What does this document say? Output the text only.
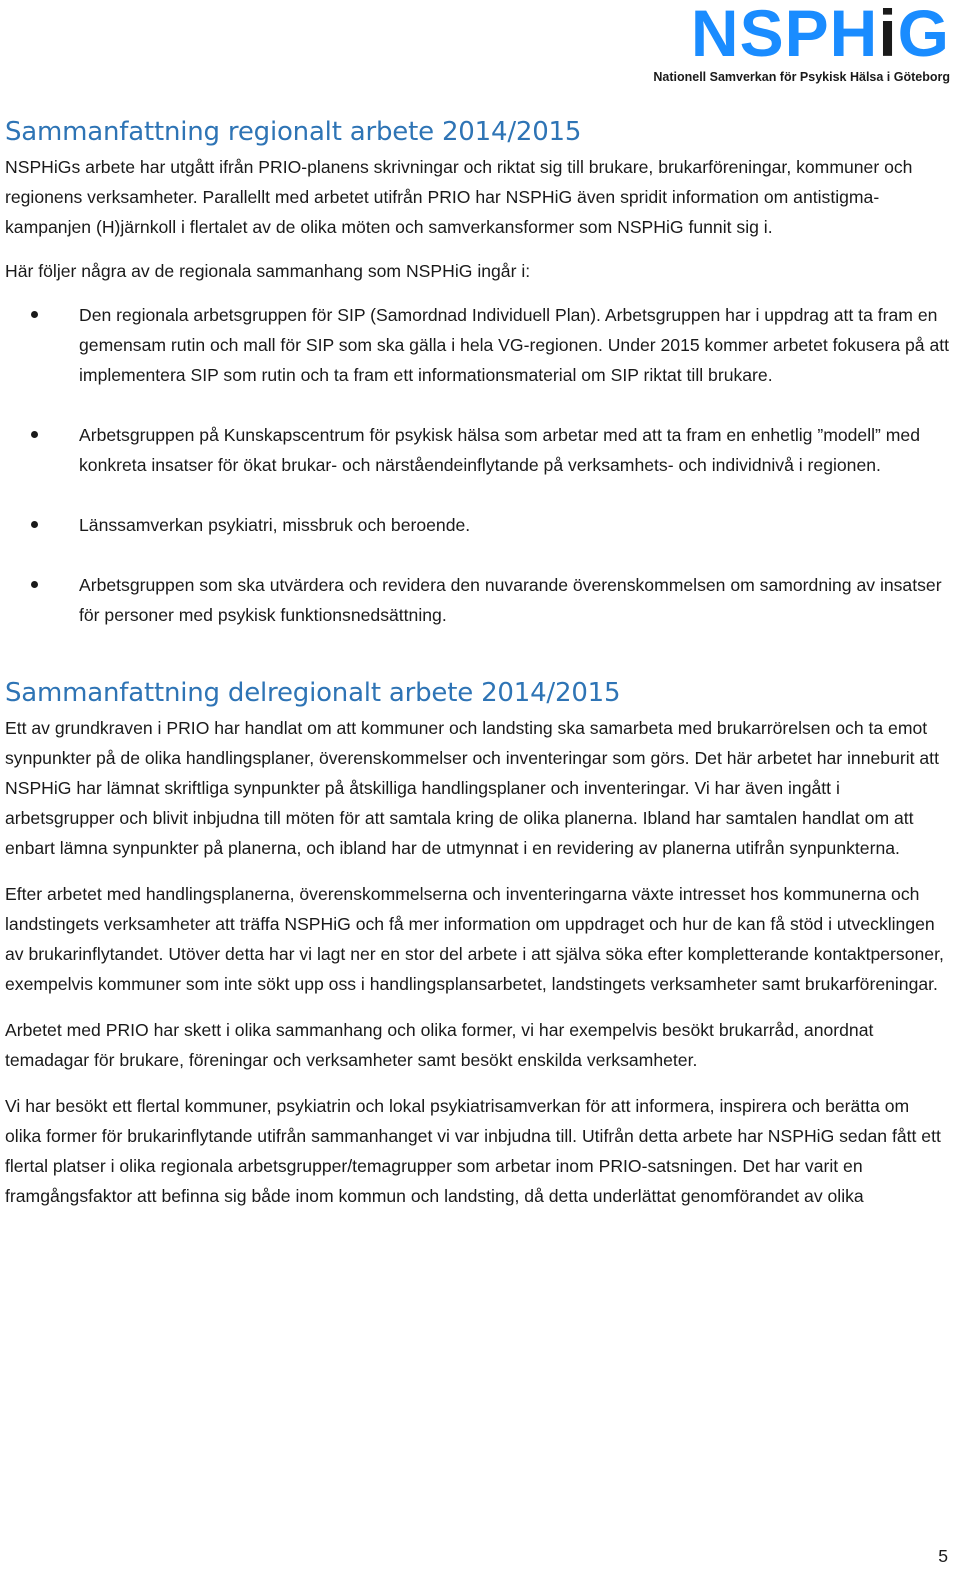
NSPHiG
Nationell Samverkan för Psykisk Hälsa i Göteborg
Sammanfattning regionalt arbete 2014/2015

NSPHiGs arbete har utgått ifrån PRIO-planens skrivningar och riktat sig till brukare, brukarföreningar, kommuner och regionens verksamheter. Parallellt med arbetet utifrån PRIO har NSPHiG även spridit information om antistigma-kampanjen (H)järnkoll i flertalet av de olika möten och samverkansformer som NSPHiG funnit sig i.

Här följer några av de regionala sammanhang som NSPHiG ingår i:

Den regionala arbetsgruppen för SIP (Samordnad Individuell Plan). Arbetsgruppen har i uppdrag att ta fram en gemensam rutin och mall för SIP som ska gälla i hela VG-regionen. Under 2015 kommer arbetet fokusera på att implementera SIP som rutin och ta fram ett informationsmaterial om SIP riktat till brukare.
Arbetsgruppen på Kunskapscentrum för psykisk hälsa som arbetar med att ta fram en enhetlig ”modell” med konkreta insatser för ökat brukar- och närståendeinflytande på verksamhets- och individnivå i regionen.
Länssamverkan psykiatri, missbruk och beroende.
Arbetsgruppen som ska utvärdera och revidera den nuvarande överenskommelsen om samordning av insatser för personer med psykisk funktionsnedsättning.
Sammanfattning delregionalt arbete 2014/2015

Ett av grundkraven i PRIO har handlat om att kommuner och landsting ska samarbeta med brukarrörelsen och ta emot synpunkter på de olika handlingsplaner, överenskommelser och inventeringar som görs. Det här arbetet har inneburit att NSPHiG har lämnat skriftliga synpunkter på åtskilliga handlingsplaner och inventeringar. Vi har även ingått i arbetsgrupper och blivit inbjudna till möten för att samtala kring de olika planerna. Ibland har samtalen handlat om att enbart lämna synpunkter på planerna, och ibland har de utmynnat i en revidering av planerna utifrån synpunkterna.

Efter arbetet med handlingsplanerna, överenskommelserna och inventeringarna växte intresset hos kommunerna och landstingets verksamheter att träffa NSPHiG och få mer information om uppdraget och hur de kan få stöd i utvecklingen av brukarinflytandet. Utöver detta har vi lagt ner en stor del arbete i att själva söka efter kompletterande kontaktpersoner, exempelvis kommuner som inte sökt upp oss i handlingsplansarbetet, landstingets verksamheter samt brukarföreningar.

Arbetet med PRIO har skett i olika sammanhang och olika former, vi har exempelvis besökt brukarråd, anordnat temadagar för brukare, föreningar och verksamheter samt besökt enskilda verksamheter.

Vi har besökt ett flertal kommuner, psykiatrin och lokal psykiatrisamverkan för att informera, inspirera och berätta om olika former för brukarinflytande utifrån sammanhanget vi var inbjudna till. Utifrån detta arbete har NSPHiG sedan fått ett flertal platser i olika regionala arbetsgrupper/temagrupper som arbetar inom PRIO-satsningen. Det har varit en framgångsfaktor att befinna sig både inom kommun och landsting, då detta underlättat genomförandet av olika

5
